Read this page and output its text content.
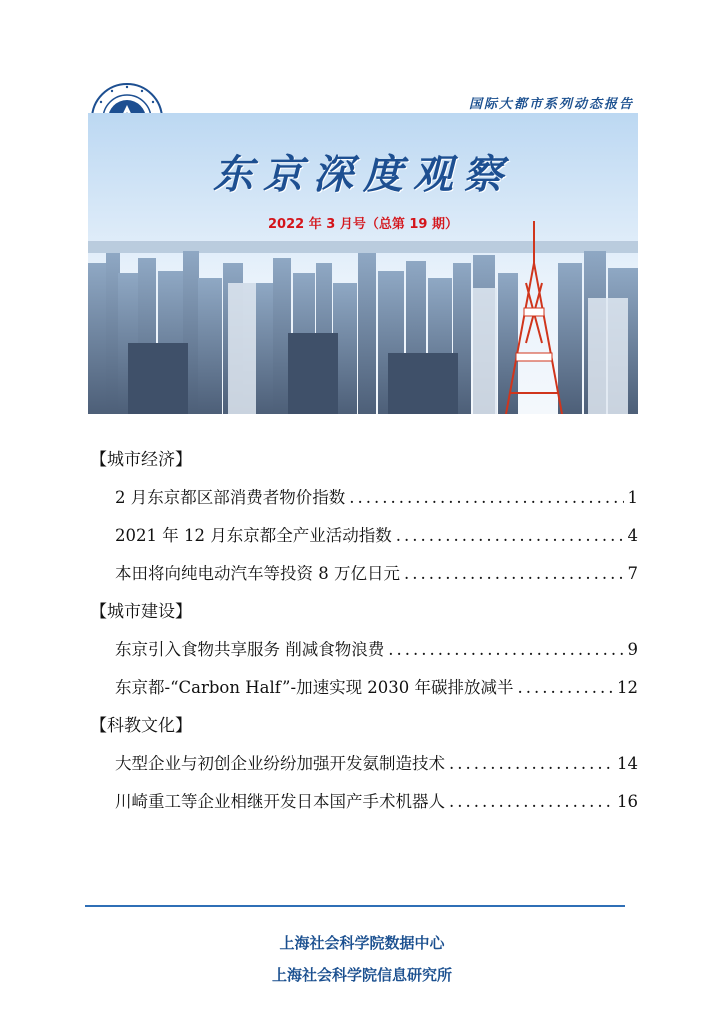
国际大都市系列动态报告
东京深度观察
2022 年 3 月号（总第 19 期）
【城市经济】
2 月东京都区部消费者物价指数 .....	1
2021 年 12 月东京都全产业活动指数 .....	4
本田将向纯电动汽车等投资 8 万亿日元 .....	7
【城市建设】
东京引入食物共享服务 削减食物浪费 .....	9
东京都-“Carbon Half”-加速实现 2030 年碳排放减半 .....	12
【科教文化】
大型企业与初创企业纷纷加强开发氨制造技术 .....	14
川崎重工等企业相继开发日本国产手术机器人 .....	16
上海社会科学院数据中心
上海社会科学院信息研究所
